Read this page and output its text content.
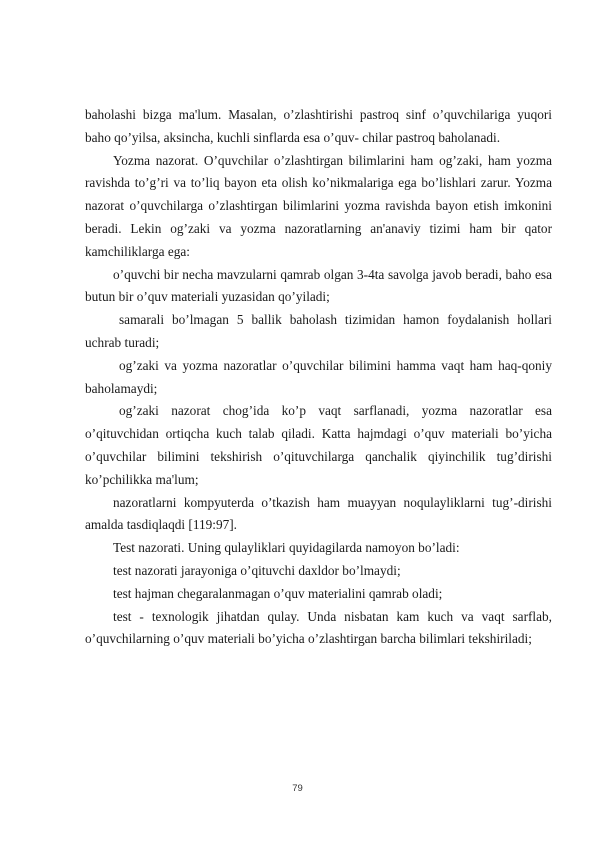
baholashi bizga ma'lum. Masalan, o’zlashtirishi pastroq sinf o’quvchilariga yuqori baho qo’yilsa, aksincha, kuchli sinflarda esa o’quv- chilar pastroq baholanadi.

Yozma nazorat. O’quvchilar o’zlashtirgan bilimlarini ham og’zaki, ham yozma ravishda to’g’ri va to’liq bayon eta olish ko’nikmalariga ega bo’lishlari zarur. Yozma nazorat o’quvchilarga o’zlashtirgan bilimlarini yozma ravishda bayon etish imkonini beradi. Lekin og’zaki va yozma nazoratlarning an'anaviy tizimi ham bir qator kamchiliklarga ega:

o’quvchi bir necha mavzularni qamrab olgan 3-4ta savolga javob beradi, baho esa butun bir o’quv materiali yuzasidan qo’yiladi;

samarali bo’lmagan 5 ballik baholash tizimidan hamon foydalanish hollari uchrab turadi;

og’zaki va yozma nazoratlar o’quvchilar bilimini hamma vaqt ham haq-qoniy baholamaydi;

og’zaki nazorat chog’ida ko’p vaqt sarflanadi, yozma nazoratlar esa o’qituvchidan ortiqcha kuch talab qiladi. Katta hajmdagi o’quv materiali bo’yicha o’quvchilar bilimini tekshirish o’qituvchilarga qanchalik qiyinchilik tug’dirishi ko’pchilikka ma'lum;

nazoratlarni kompyuterda o’tkazish ham muayyan noqulayliklarni tug’-dirishi amalda tasdiqlaqdi [119:97].

Test nazorati. Uning qulayliklari quyidagilarda namoyon bo’ladi:

test nazorati jarayoniga o’qituvchi daxldor bo’lmaydi;

test hajman chegaralanmagan o’quv materialini qamrab oladi;

test - texnologik jihatdan qulay. Unda nisbatan kam kuch va vaqt sarflab, o’quvchilarning o’quv materiali bo’yicha o’zlashtirgan barcha bilimlari tekshiriladi;

79
